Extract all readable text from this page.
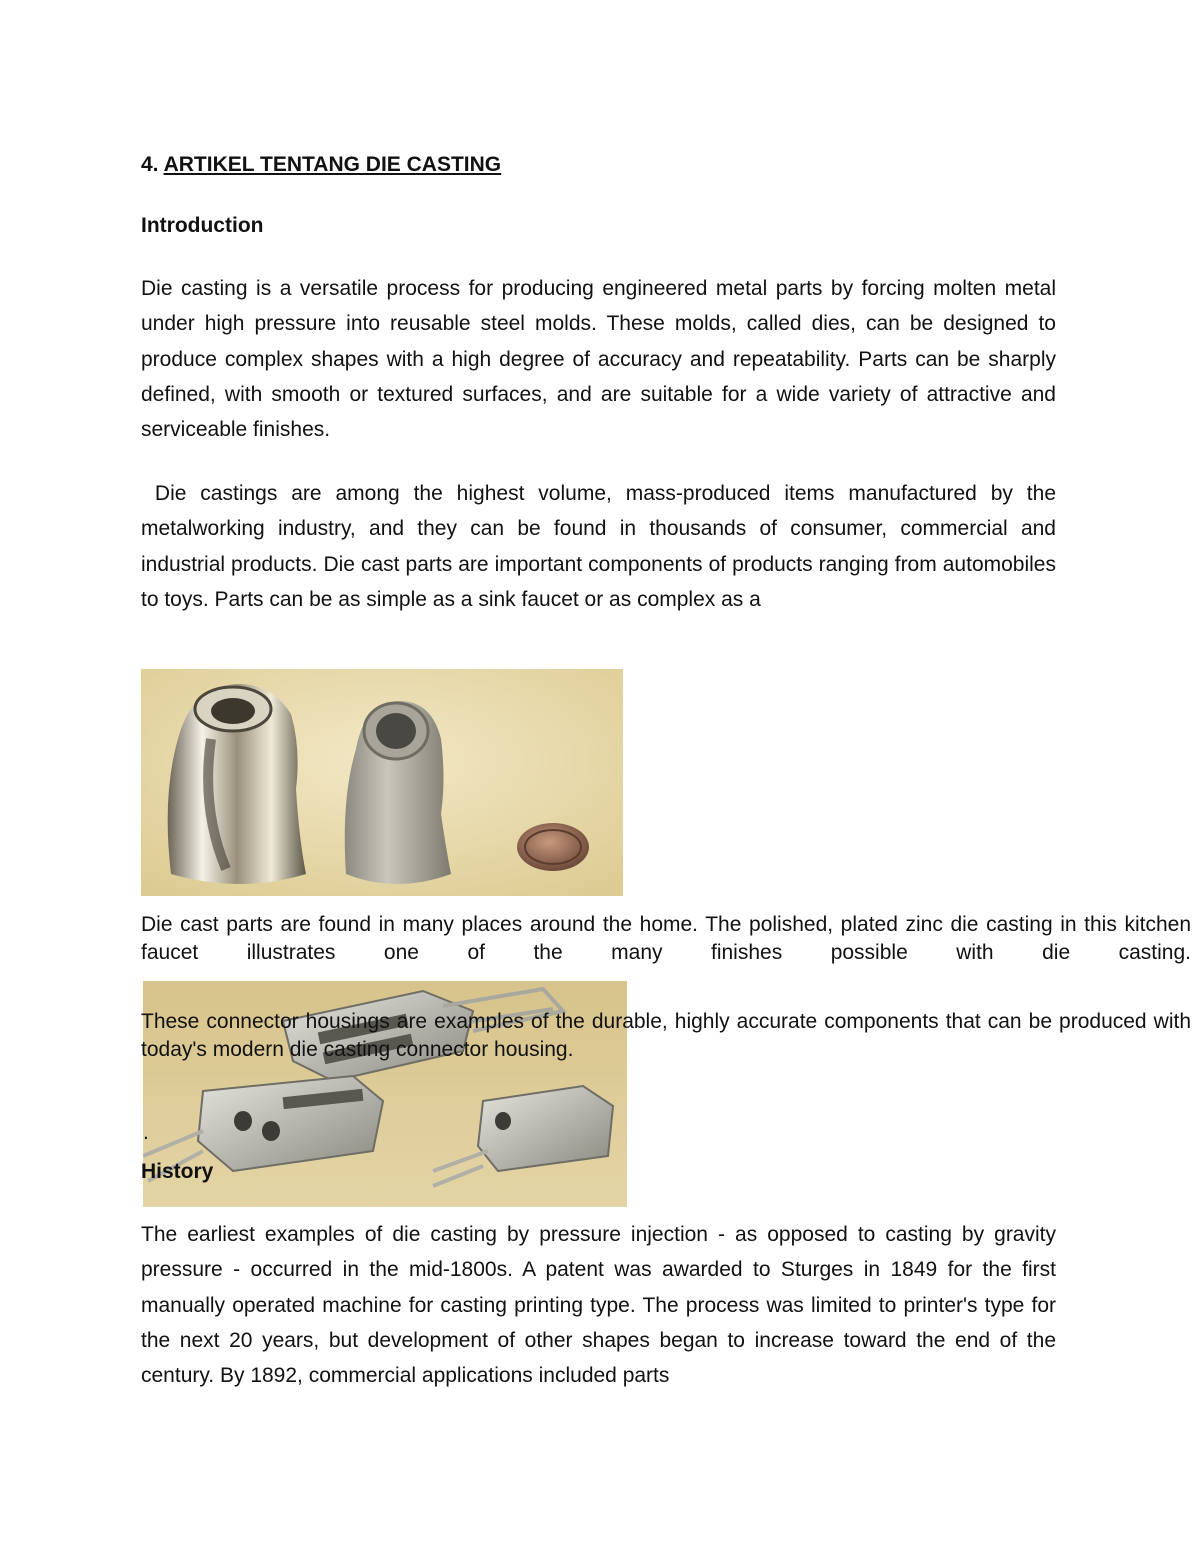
4. ARTIKEL TENTANG DIE CASTING
Introduction
Die casting is a versatile process for producing engineered metal parts by forcing molten metal under high pressure into reusable steel molds. These molds, called dies, can be designed to produce complex shapes with a high degree of accuracy and repeatability. Parts can be sharply defined, with smooth or textured surfaces, and are suitable for a wide variety of attractive and serviceable finishes.
Die castings are among the highest volume, mass-produced items manufactured by the metalworking industry, and they can be found in thousands of consumer, commercial and industrial products. Die cast parts are important components of products ranging from automobiles to toys. Parts can be as simple as a sink faucet or as complex as a
Die cast parts are found in many places around the home. The polished, plated zinc die casting in this kitchen faucet illustrates one of the many finishes possible with die casting.
These connector housings are examples of the durable, highly accurate components that can be produced with today's modern die casting connector housing.
.
History
The earliest examples of die casting by pressure injection - as opposed to casting by gravity pressure - occurred in the mid-1800s. A patent was awarded to Sturges in 1849 for the first manually operated machine for casting printing type. The process was limited to printer's type for the next 20 years, but development of other shapes began to increase toward the end of the century. By 1892, commercial applications included parts
